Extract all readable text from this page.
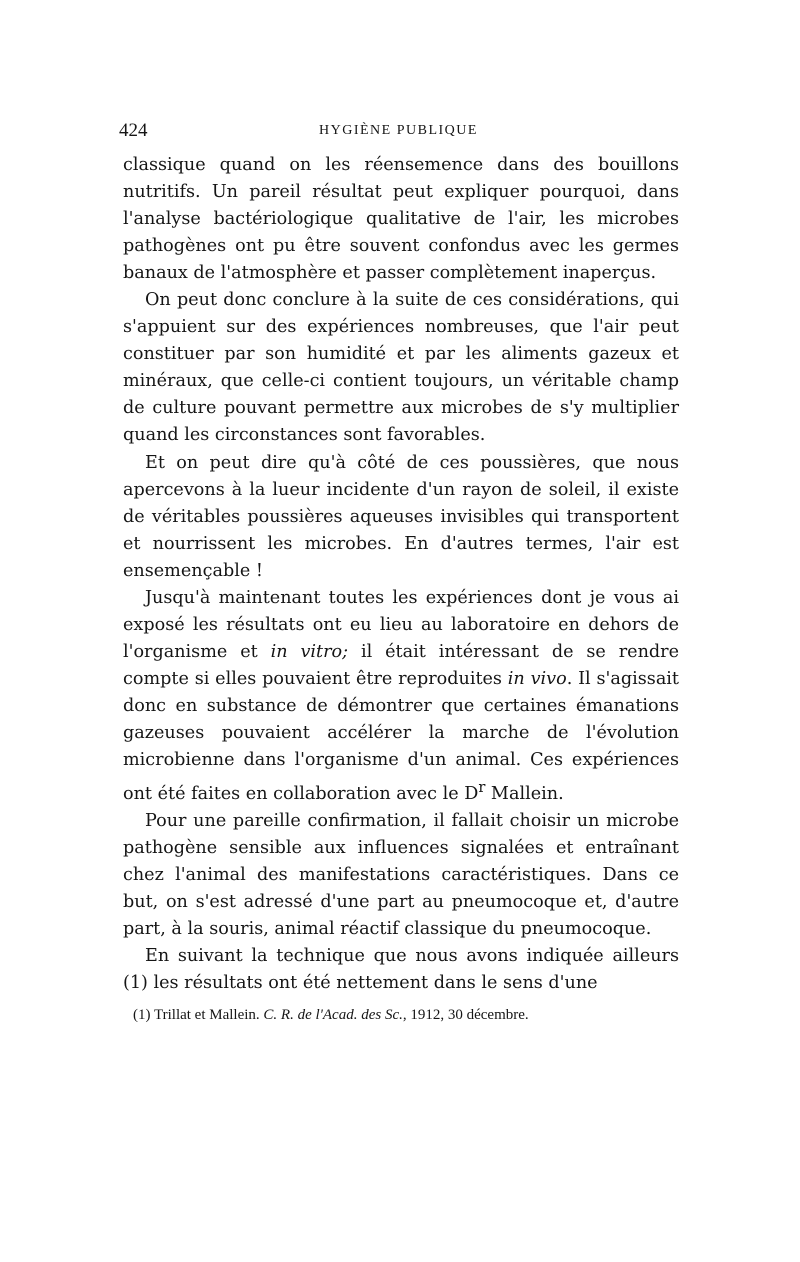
424	HYGIÈNE PUBLIQUE

classique quand on les réensemence dans des bouillons nutritifs. Un pareil résultat peut expliquer pourquoi, dans l'analyse bactériologique qualitative de l'air, les microbes pathogènes ont pu être souvent confondus avec les germes banaux de l'atmosphère et passer complètement inaperçus.

On peut donc conclure à la suite de ces considérations, qui s'appuient sur des expériences nombreuses, que l'air peut constituer par son humidité et par les aliments gazeux et minéraux, que celle-ci contient toujours, un véritable champ de culture pouvant permettre aux microbes de s'y multiplier quand les circonstances sont favorables.

Et on peut dire qu'à côté de ces poussières, que nous apercevons à la lueur incidente d'un rayon de soleil, il existe de véritables poussières aqueuses invisibles qui transportent et nourrissent les microbes. En d'autres termes, l'air est ensemençable !

Jusqu'à maintenant toutes les expériences dont je vous ai exposé les résultats ont eu lieu au laboratoire en dehors de l'organisme et in vitro; il était intéressant de se rendre compte si elles pouvaient être reproduites in vivo. Il s'agissait donc en substance de démontrer que certaines émanations gazeuses pouvaient accélérer la marche de l'évolution microbienne dans l'organisme d'un animal. Ces expériences ont été faites en collaboration avec le $D^r$ Mallein.

Pour une pareille confirmation, il fallait choisir un microbe pathogène sensible aux influences signalées et entraînant chez l'animal des manifestations caractéristiques. Dans ce but, on s'est adressé d'une part au pneumocoque et, d'autre part, à la souris, animal réactif classique du pneumocoque.

En suivant la technique que nous avons indiquée ailleurs (1) les résultats ont été nettement dans le sens d'une

(1) Trillat et Mallein. C. R. de l'Acad. des Sc., 1912, 30 décembre.
